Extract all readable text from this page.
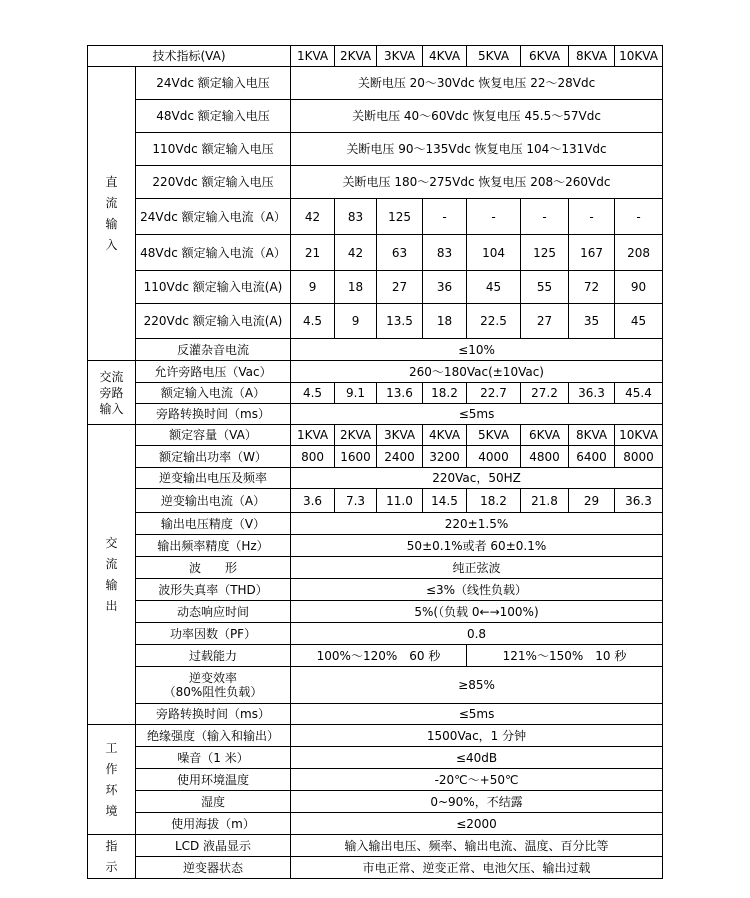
技术指标(VA)		1KVA	2KVA	3KVA	4KVA	5KVA	6KVA	8KVA	10KVA

直
流
输
入	24Vdc 额定输入电压	关断电压 20～30Vdc 恢复电压 22～28Vdc							
	48Vdc 额定输入电压	关断电压 40～60Vdc 恢复电压 45.5～57Vdc							
	110Vdc 额定输入电压	关断电压 90～135Vdc 恢复电压 104～131Vdc							
	220Vdc 额定输入电压	关断电压 180～275Vdc 恢复电压 208～260Vdc							
	24Vdc 额定输入电流（A）	42	83	125	-	-	-	-	-
	48Vdc 额定输入电流（A）	21	42	63	83	104	125	167	208
	110Vdc 额定输入电流(A)	9	18	27	36	45	55	72	90
	220Vdc 额定输入电流(A)	4.5	9	13.5	18	22.5	27	35	45
	反灌杂音电流	≤10%							

交流
旁路
输入	允许旁路电压（Vac）	260～180Vac(±10Vac)							
	额定输入电流（A）	4.5	9.1	13.6	18.2	22.7	27.2	36.3	45.4
	旁路转换时间（ms）	≤5ms							

交
流
输
出	额定容量（VA）	1KVA	2KVA	3KVA	4KVA	5KVA	6KVA	8KVA	10KVA
	额定输出功率（W）	800	1600	2400	3200	4000	4800	6400	8000
	逆变输出电压及频率	220Vac，50HZ							
	逆变输出电流（A）	3.6	7.3	11.0	14.5	18.2	21.8	29	36.3
	输出电压精度（V）	220±1.5%							
	输出频率精度（Hz）	50±0.1%或者 60±0.1%							
	波　　形	纯正弦波							
	波形失真率（THD）	≤3%（线性负载）							
	动态响应时间	5%(（负载 0←→100%)							
	功率因数（PF）	0.8							
	过载能力	100%～120%　60 秒				121%～150%　10 秒			
	逆变效率
（80%阻性负载）	≥85%							
	旁路转换时间（ms）	≤5ms							

工
作
环
境	绝缘强度（输入和输出）	1500Vac，1 分钟							
	噪音（1 米）	≤40dB							
	使用环境温度	-20℃～+50℃							
	湿度	0~90%，不结露							
	使用海拔（m）	≤2000							

指
示	LCD 液晶显示	输入输出电压、频率、输出电流、温度、百分比等							
	逆变器状态	市电正常、逆变正常、电池欠压、输出过载							
